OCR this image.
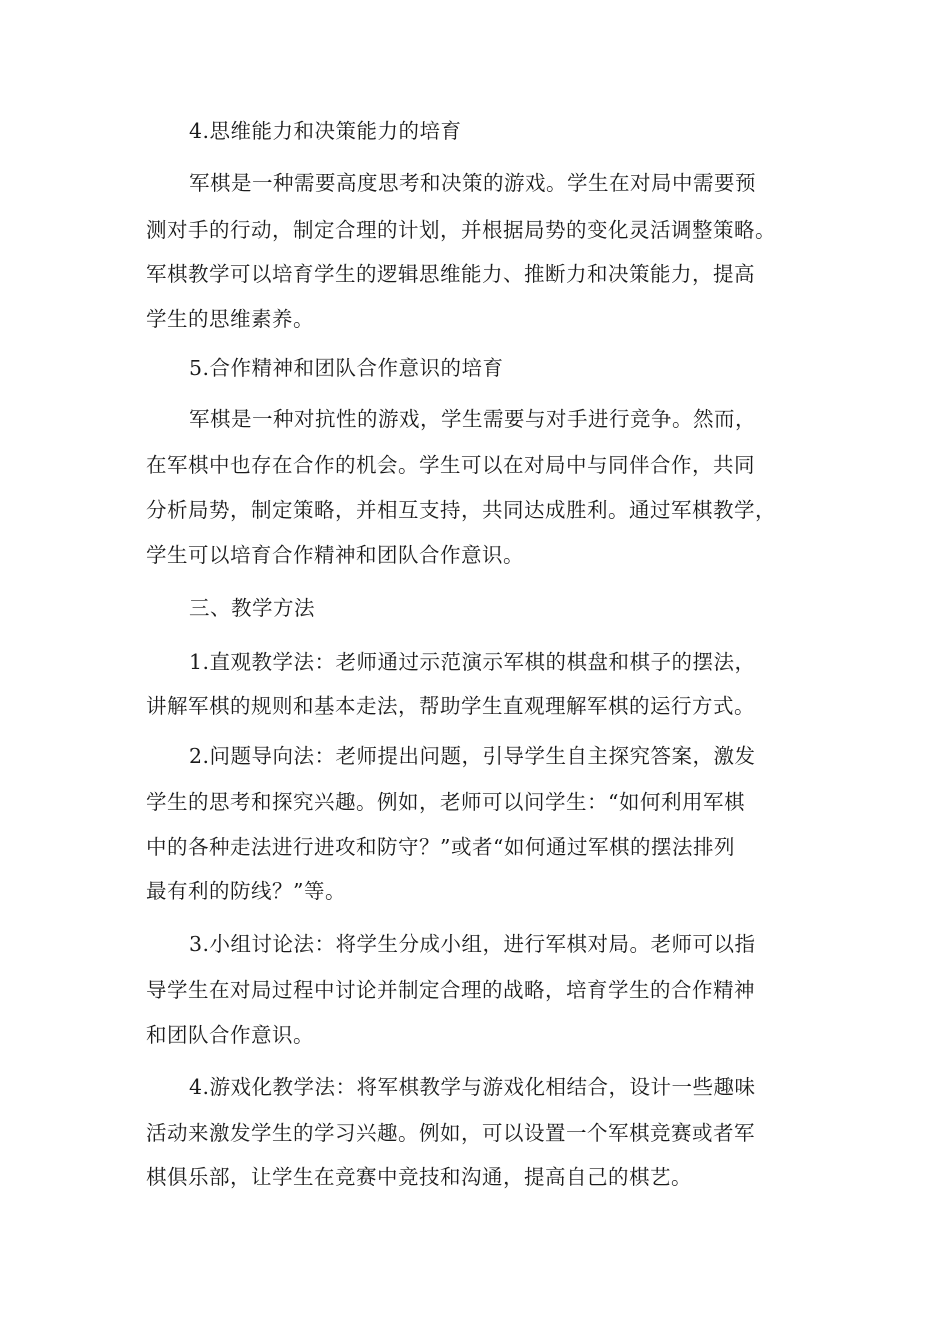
4.思维能力和决策能力的培育
军棋是一种需要高度思考和决策的游戏。学生在对局中需要预
测对手的行动，制定合理的计划，并根据局势的变化灵活调整策略。
军棋教学可以培育学生的逻辑思维能力、推断力和决策能力，提高
学生的思维素养。
5.合作精神和团队合作意识的培育
军棋是一种对抗性的游戏，学生需要与对手进行竞争。然而，
在军棋中也存在合作的机会。学生可以在对局中与同伴合作，共同
分析局势，制定策略，并相互支持，共同达成胜利。通过军棋教学，
学生可以培育合作精神和团队合作意识。
三、教学方法
1.直观教学法：老师通过示范演示军棋的棋盘和棋子的摆法，
讲解军棋的规则和基本走法，帮助学生直观理解军棋的运行方式。
2.问题导向法：老师提出问题，引导学生自主探究答案，激发
学生的思考和探究兴趣。例如，老师可以问学生：“如何利用军棋
中的各种走法进行进攻和防守？”或者“如何通过军棋的摆法排列
最有利的防线？”等。
3.小组讨论法：将学生分成小组，进行军棋对局。老师可以指
导学生在对局过程中讨论并制定合理的战略，培育学生的合作精神
和团队合作意识。
4.游戏化教学法：将军棋教学与游戏化相结合，设计一些趣味
活动来激发学生的学习兴趣。例如，可以设置一个军棋竞赛或者军
棋俱乐部，让学生在竞赛中竞技和沟通，提高自己的棋艺。
